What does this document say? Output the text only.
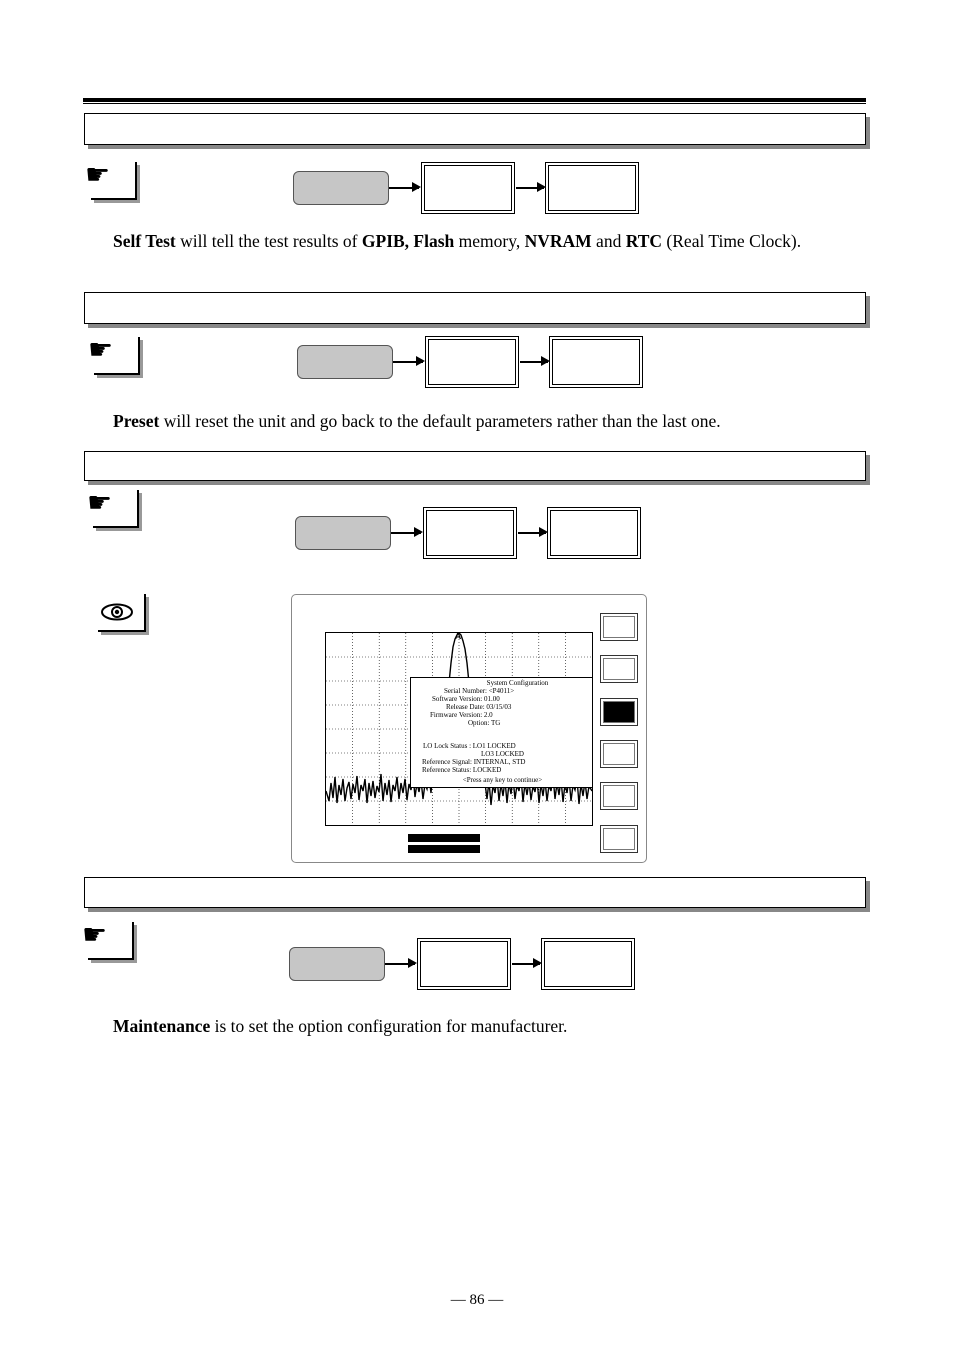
☛
Self Test will tell the test results of GPIB, Flash memory, NVRAM and RTC (Real Time Clock).
☛
Preset will reset the unit and go back to the default parameters rather than the last one.
☛
A
System Configuration
Serial Number: <P4011>
Software Version: 01.00
Release Date: 03/15/03
Firmware Version: 2.0
Option: TG
LO Lock Status : LO1 LOCKED
LO3 LOCKED
Reference Signal: INTERNAL, STD
Reference Status: LOCKED
<Press any key to continue>
☛
Maintenance is to set the option configuration for manufacturer.
— 86 —
